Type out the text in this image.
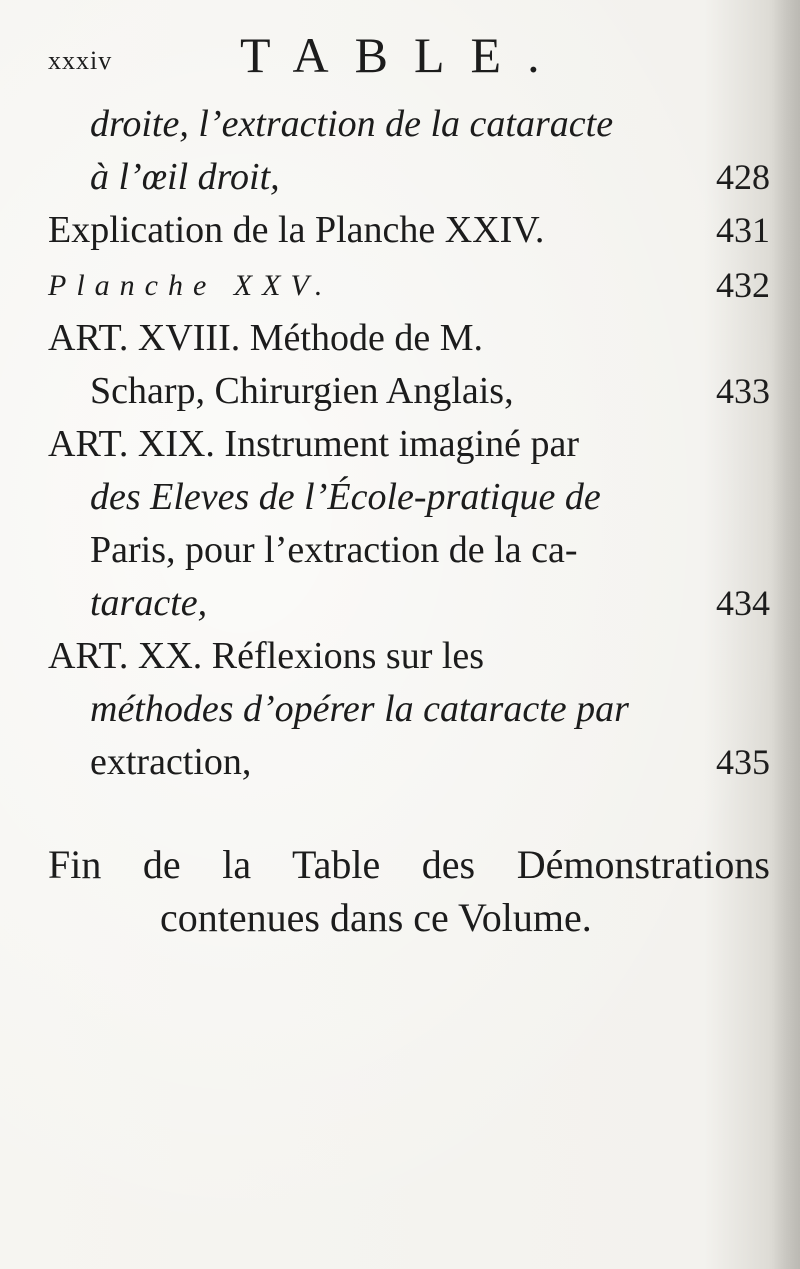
xxxiv	TABLE.
droite, l’extraction de la cataracte
à l’œil droit,	428
Explication de la Planche XXIV.	431
Planche XXV.	432
ART. XVIII. Méthode de M.
Scharp, Chirurgien Anglais,	433
ART. XIX. Instrument imaginé par
des Eleves de l’École-pratique de
Paris, pour l’extraction de la ca-
taracte,	434
ART. XX. Réflexions sur les
méthodes d’opérer la cataracte par
extraction,	435
Fin de la Table des Démonstrations
contenues dans ce Volume.
